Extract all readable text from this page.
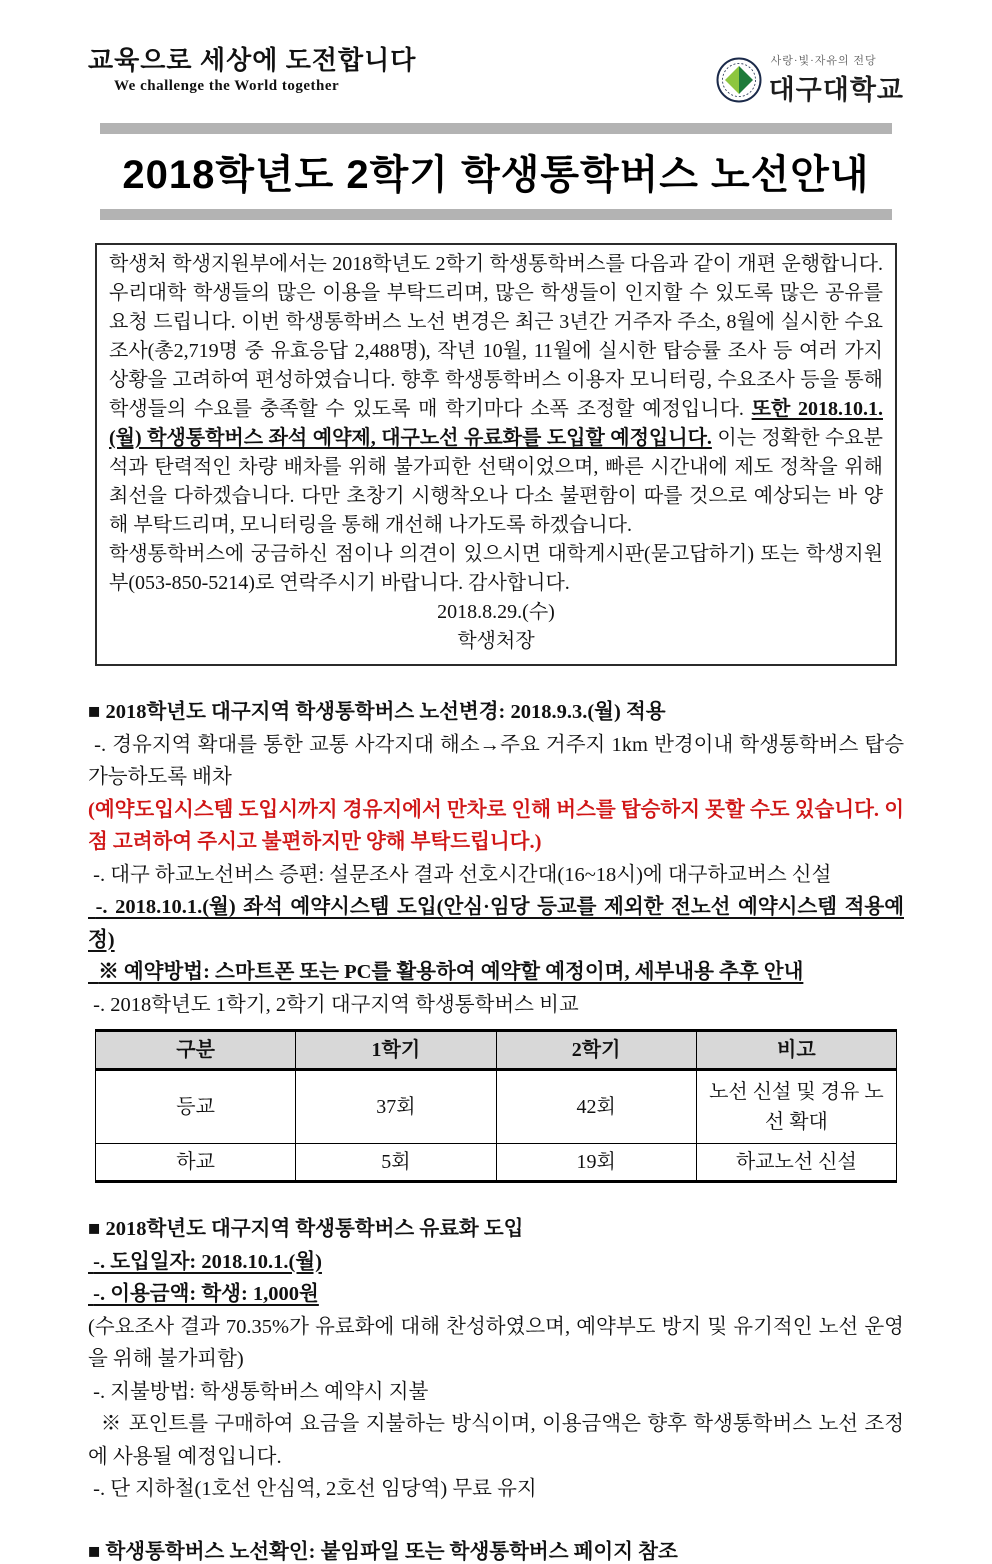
교육으로 세상에 도전합니다
We challenge the World together
사랑·빛·자유의 전당
대구대학교
2018학년도 2학기 학생통학버스 노선안내

학생처 학생지원부에서는 2018학년도 2학기 학생통학버스를 다음과 같이 개편 운행합니다. 우리대학 학생들의 많은 이용을 부탁드리며, 많은 학생들이 인지할 수 있도록 많은 공유를 요청 드립니다. 이번 학생통학버스 노선 변경은 최근 3년간 거주자 주소, 8월에 실시한 수요조사(총2,719명 중 유효응답 2,488명), 작년 10월, 11월에 실시한 탑승률 조사 등 여러 가지 상황을 고려하여 편성하였습니다. 향후 학생통학버스 이용자 모니터링, 수요조사 등을 통해 학생들의 수요를 충족할 수 있도록 매 학기마다 소폭 조정할 예정입니다. 또한 2018.10.1.(월) 학생통학버스 좌석 예약제, 대구노선 유료화를 도입할 예정입니다. 이는 정확한 수요분석과 탄력적인 차량 배차를 위해 불가피한 선택이었으며, 빠른 시간내에 제도 정착을 위해 최선을 다하겠습니다. 다만 초창기 시행착오나 다소 불편함이 따를 것으로 예상되는 바 양해 부탁드리며, 모니터링을 통해 개선해 나가도록 하겠습니다.

학생통학버스에 궁금하신 점이나 의견이 있으시면 대학게시판(묻고답하기) 또는 학생지원부(053-850-5214)로 연락주시기 바랍니다. 감사합니다.

2018.8.29.(수)

학생처장

■ 2018학년도 대구지역 학생통학버스 노선변경: 2018.9.3.(월) 적용
-. 경유지역 확대를 통한 교통 사각지대 해소→주요 거주지 1km 반경이내 학생통학버스 탑승 가능하도록 배차
(예약도입시스템 도입시까지 경유지에서 만차로 인해 버스를 탑승하지 못할 수도 있습니다. 이점 고려하여 주시고 불편하지만 양해 부탁드립니다.)
-. 대구 하교노선버스 증편: 설문조사 결과 선호시간대(16~18시)에 대구하교버스 신설
-. 2018.10.1.(월) 좌석 예약시스템 도입(안심·임당 등교를 제외한 전노선 예약시스템 적용예정)
※ 예약방법: 스마트폰 또는 PC를 활용하여 예약할 예정이며, 세부내용 추후 안내
-. 2018학년도 1학기, 2학기 대구지역 학생통학버스 비교
구분	1학기	2학기	비고
등교	37회	42회	노선 신설 및 경유 노선 확대
하교	5회	19회	하교노선 신설
■ 2018학년도 대구지역 학생통학버스 유료화 도입
-. 도입일자: 2018.10.1.(월)
-. 이용금액: 학생: 1,000원
(수요조사 결과 70.35%가 유료화에 대해 찬성하였으며, 예약부도 방지 및 유기적인 노선 운영을 위해 불가피함)
-. 지불방법: 학생통학버스 예약시 지불
※ 포인트를 구매하여 요금을 지불하는 방식이며, 이용금액은 향후 학생통학버스 노선 조정에 사용될 예정입니다.
-. 단 지하철(1호선 안심역, 2호선 임당역) 무료 유지
■ 학생통학버스 노선확인: 붙임파일 또는 학생통학버스 페이지 참조
